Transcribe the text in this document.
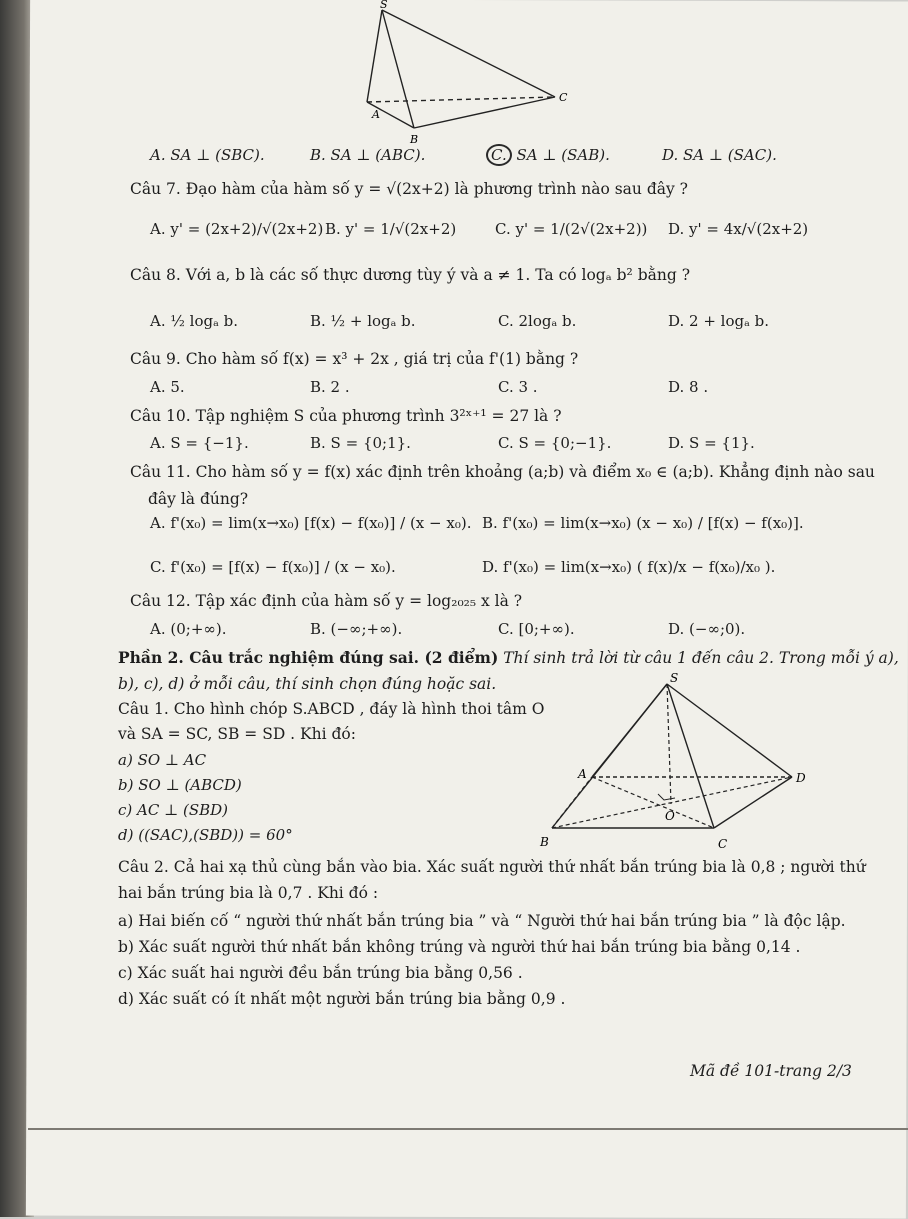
S
A
B
C
A. SA ⊥ (SBC).	B. SA ⊥ (ABC).	C. SA ⊥ (SAB).	D. SA ⊥ (SAC).
Câu 7. Đạo hàm của hàm số y = √(2x+2) là phương trình nào sau đây ?
A. y' = (2x+2)/√(2x+2) B. y' = 1/√(2x+2)	C. y' = 1/(2√(2x+2)) D. y' = 4x/√(2x+2)
Câu 8. Với a, b là các số thực dương tùy ý và a ≠ 1. Ta có logₐ b² bằng ?
A. ½ logₐ b.	B. ½ + logₐ b.	C. 2logₐ b.	D. 2 + logₐ b.
Câu 9. Cho hàm số f(x) = x³ + 2x , giá trị của f'(1) bằng ?
A. 5.	B. 2 .	C. 3 .	D. 8 .
Câu 10. Tập nghiệm S của phương trình 3²ˣ⁺¹ = 27 là ?
A. S = {−1}.	B. S = {0;1}.	C. S = {0;−1}.	D. S = {1}.
Câu 11. Cho hàm số y = f(x) xác định trên khoảng (a;b) và điểm x₀ ∈ (a;b). Khẳng định nào sau
đây là đúng?
A. f'(x₀) = lim(x→x₀) [f(x) − f(x₀)] / (x − x₀). B. f'(x₀) = lim(x→x₀) (x − x₀) / [f(x) − f(x₀)].
C. f'(x₀) = [f(x) − f(x₀)] / (x − x₀).	D. f'(x₀) = lim(x→x₀) ( f(x)/x − f(x₀)/x₀ ).
Câu 12. Tập xác định của hàm số y = log₂₀₂₅ x là ?
A. (0;+∞).	B. (−∞;+∞).	C. [0;+∞).	D. (−∞;0).
Phần 2. Câu trắc nghiệm đúng sai. (2 điểm) Thí sinh trả lời từ câu 1 đến câu 2. Trong mỗi ý a),
b), c), d) ở mỗi câu, thí sinh chọn đúng hoặc sai.
Câu 1. Cho hình chóp S.ABCD , đáy là hình thoi tâm O
và SA = SC, SB = SD . Khi đó:
a) SO ⊥ AC
b) SO ⊥ (ABCD)
c) AC ⊥ (SBD)
d) ((SAC),(SBD)) = 60°
S
A
B	C
D
O
Câu 2. Cả hai xạ thủ cùng bắn vào bia. Xác suất người thứ nhất bắn trúng bia là 0,8 ; người thứ
hai bắn trúng bia là 0,7 . Khi đó :
a) Hai biến cố “ người thứ nhất bắn trúng bia ” và “ Người thứ hai bắn trúng bia ” là độc lập.
b) Xác suất người thứ nhất bắn không trúng và người thứ hai bắn trúng bia bằng 0,14 .
c) Xác suất hai người đều bắn trúng bia bằng 0,56 .
d) Xác suất có ít nhất một người bắn trúng bia bằng 0,9 .
Mã đề 101-trang 2/3
